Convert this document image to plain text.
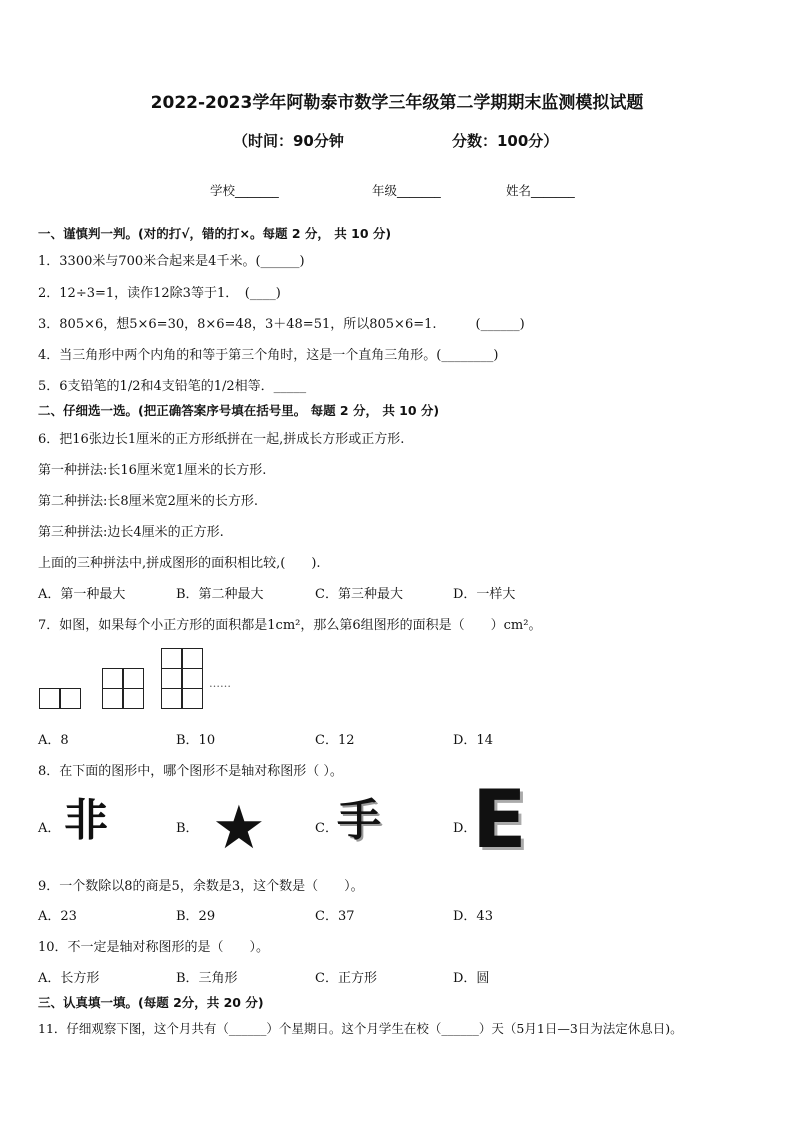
2022-2023学年阿勒泰市数学三年级第二学期期末监测模拟试题
（时间：90分钟	分数：100分）
学校_______	年级_______	姓名_______
一、谨慎判一判。(对的打√，错的打×。每题 2 分， 共 10 分)
1．3300米与700米合起来是4千米。(______)
2．12÷3=1，读作12除3等于1．　(____)
3．805×6，想5×6=30，8×6=48，3＋48=51，所以805×6=1.　　　(______)
4．当三角形中两个内角的和等于第三个角时，这是一个直角三角形。(________)
5．6支铅笔的1/2和4支铅笔的1/2相等．_____
二、仔细选一选。(把正确答案序号填在括号里。 每题 2 分， 共 10 分)
6．把16张边长1厘米的正方形纸拼在一起,拼成长方形或正方形.
第一种拼法:长16厘米宽1厘米的长方形.
第二种拼法:长8厘米宽2厘米的长方形.
第三种拼法:边长4厘米的正方形.
上面的三种拼法中,拼成图形的面积相比较,(　　).
A．第一种最大	B．第二种最大	C．第三种最大	D．一样大
7．如图，如果每个小正方形的面积都是1cm²，那么第6组图形的面积是（　　）cm²。
……
A．8	B．10	C．12	D．14
8．在下面的图形中，哪个图形不是轴对称图形（ ）。
A． 非	B． ★	C． 手	D．
E
9．一个数除以8的商是5，余数是3，这个数是（　　）。
A．23	B．29	C．37	D．43
10．不一定是轴对称图形的是（　　）。
A．长方形	B．三角形	C．正方形	D．圆
三、认真填一填。(每题 2分，共 20 分)
11．仔细观察下图，这个月共有（______）个星期日。这个月学生在校（______）天（5月1日—3日为法定休息日)。
